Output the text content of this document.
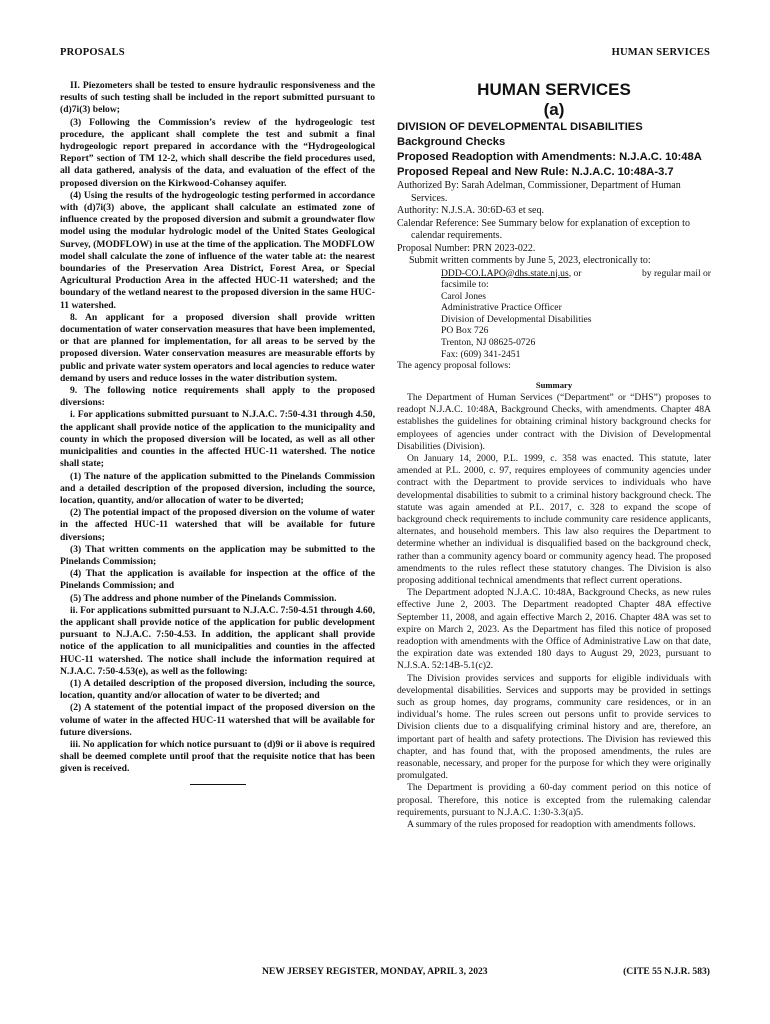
PROPOSALS	HUMAN SERVICES

II. Piezometers shall be tested to ensure hydraulic responsiveness and the results of such testing shall be included in the report submitted pursuant to (d)7i(3) below;

(3) Following the Commission’s review of the hydrogeologic test procedure, the applicant shall complete the test and submit a final hydrogeologic report prepared in accordance with the “Hydrogeological Report” section of TM 12-2, which shall describe the field procedures used, all data gathered, analysis of the data, and evaluation of the effect of the proposed diversion on the Kirkwood-Cohansey aquifer.

(4) Using the results of the hydrogeologic testing performed in accordance with (d)7i(3) above, the applicant shall calculate an estimated zone of influence created by the proposed diversion and submit a groundwater flow model using the modular hydrologic model of the United States Geological Survey, (MODFLOW) in use at the time of the application. The MODFLOW model shall calculate the zone of influence of the water table at: the nearest boundaries of the Preservation Area District, Forest Area, or Special Agricultural Production Area in the affected HUC-11 watershed; and the boundary of the wetland nearest to the proposed diversion in the same HUC-11 watershed.

8. An applicant for a proposed diversion shall provide written documentation of water conservation measures that have been implemented, or that are planned for implementation, for all areas to be served by the proposed diversion. Water conservation measures are measurable efforts by public and private water system operators and local agencies to reduce water demand by users and reduce losses in the water distribution system.

9. The following notice requirements shall apply to the proposed diversions:

i. For applications submitted pursuant to N.J.A.C. 7:50-4.31 through 4.50, the applicant shall provide notice of the application to the municipality and county in which the proposed diversion will be located, as well as all other municipalities and counties in the affected HUC-11 watershed. The notice shall state;

(1) The nature of the application submitted to the Pinelands Commission and a detailed description of the proposed diversion, including the source, location, quantity, and/or allocation of water to be diverted;

(2) The potential impact of the proposed diversion on the volume of water in the affected HUC-11 watershed that will be available for future diversions;

(3) That written comments on the application may be submitted to the Pinelands Commission;

(4) That the application is available for inspection at the office of the Pinelands Commission; and

(5) The address and phone number of the Pinelands Commission.

ii. For applications submitted pursuant to N.J.A.C. 7:50-4.51 through 4.60, the applicant shall provide notice of the application for public development pursuant to N.J.A.C. 7:50-4.53. In addition, the applicant shall provide notice of the application to all municipalities and counties in the affected HUC-11 watershed. The notice shall include the information required at N.J.A.C. 7:50-4.53(e), as well as the following:

(1) A detailed description of the proposed diversion, including the source, location, quantity and/or allocation of water to be diverted; and

(2) A statement of the potential impact of the proposed diversion on the volume of water in the affected HUC-11 watershed that will be available for future diversions.

iii. No application for which notice pursuant to (d)9i or ii above is required shall be deemed complete until proof that the requisite notice that has been given is received.

HUMAN SERVICES

(a)

DIVISION OF DEVELOPMENTAL DISABILITIES

Background Checks

Proposed Readoption with Amendments: N.J.A.C. 10:48A

Proposed Repeal and New Rule: N.J.A.C. 10:48A-3.7

Authorized By: Sarah Adelman, Commissioner, Department of Human Services.

Authority: N.J.S.A. 30:6D-63 et seq.

Calendar Reference: See Summary below for explanation of exception to calendar requirements.

Proposal Number: PRN 2023-022.

Submit written comments by June 5, 2023, electronically to:

DDD-CO.LAPO@dhs.state.nj.us, or	by regular mail or
facsimile to:
Carol Jones
Administrative Practice Officer
Division of Developmental Disabilities
PO Box 726
Trenton, NJ 08625-0726
Fax: (609) 341-2451

The agency proposal follows:

Summary

The Department of Human Services (“Department” or “DHS”) proposes to readopt N.J.A.C. 10:48A, Background Checks, with amendments. Chapter 48A establishes the guidelines for obtaining criminal history background checks for employees of agencies under contract with the Division of Developmental Disabilities (Division).

On January 14, 2000, P.L. 1999, c. 358 was enacted. This statute, later amended at P.L. 2000, c. 97, requires employees of community agencies under contract with the Department to provide services to individuals who have developmental disabilities to submit to a criminal history background check. The statute was again amended at P.L. 2017, c. 328 to expand the scope of background check requirements to include community care residence applicants, alternates, and household members. This law also requires the Department to determine whether an individual is disqualified based on the background check, rather than a community agency board or community agency head. The proposed amendments to the rules reflect these statutory changes. The Division is also proposing additional technical amendments that reflect current operations.

The Department adopted N.J.A.C. 10:48A, Background Checks, as new rules effective June 2, 2003. The Department readopted Chapter 48A effective September 11, 2008, and again effective March 2, 2016. Chapter 48A was set to expire on March 2, 2023. As the Department has filed this notice of proposed readoption with amendments with the Office of Administrative Law on that date, the expiration date was extended 180 days to August 29, 2023, pursuant to N.J.S.A. 52:14B-5.1(c)2.

The Division provides services and supports for eligible individuals with developmental disabilities. Services and supports may be provided in settings such as group homes, day programs, community care residences, or in an individual’s home. The rules screen out persons unfit to provide services to Division clients due to a disqualifying criminal history and are, therefore, an important part of health and safety protections. The Division has reviewed this chapter, and has found that, with the proposed amendments, the rules are reasonable, necessary, and proper for the purpose for which they were originally promulgated.

The Department is providing a 60-day comment period on this notice of proposal. Therefore, this notice is excepted from the rulemaking calendar requirements, pursuant to N.J.A.C. 1:30-3.3(a)5.

A summary of the rules proposed for readoption with amendments follows.

NEW JERSEY REGISTER, MONDAY, APRIL 3, 2023	(CITE 55 N.J.R. 583)
